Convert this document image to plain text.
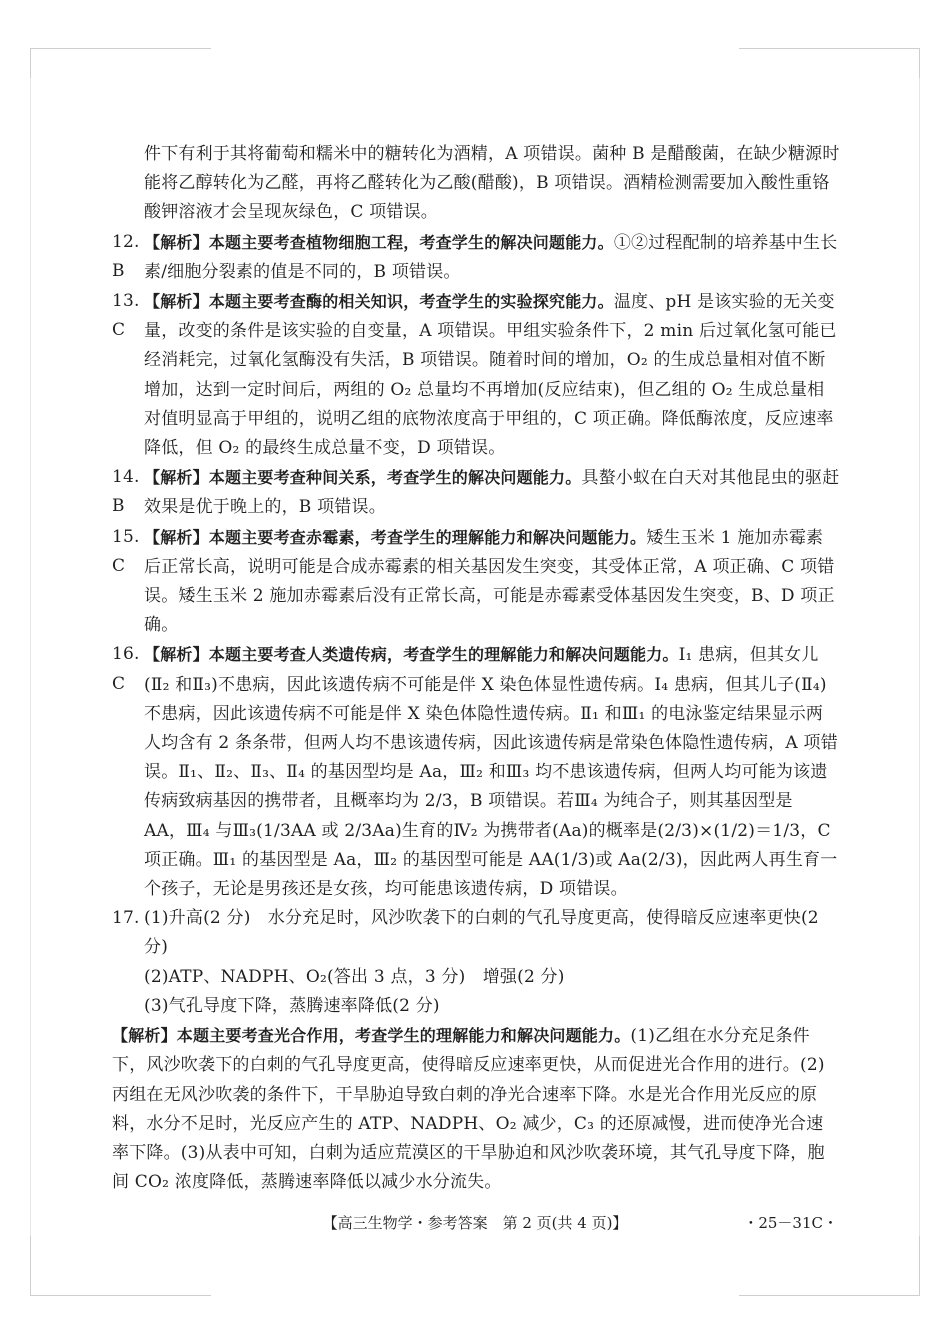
件下有利于其将葡萄和糯米中的糖转化为酒精，A 项错误。菌种 B 是醋酸菌，在缺少糖源时能将乙醇转化为乙醛，再将乙醛转化为乙酸(醋酸)，B 项错误。酒精检测需要加入酸性重铬酸钾溶液才会呈现灰绿色，C 项错误。

12. B
【解析】本题主要考查植物细胞工程，考查学生的解决问题能力。①②过程配制的培养基中生长素/细胞分裂素的值是不同的，B 项错误。
13. C
【解析】本题主要考查酶的相关知识，考查学生的实验探究能力。温度、pH 是该实验的无关变量，改变的条件是该实验的自变量，A 项错误。甲组实验条件下，2 min 后过氧化氢可能已经消耗完，过氧化氢酶没有失活，B 项错误。随着时间的增加，O₂ 的生成总量相对值不断增加，达到一定时间后，两组的 O₂ 总量均不再增加(反应结束)，但乙组的 O₂ 生成总量相对值明显高于甲组的，说明乙组的底物浓度高于甲组的，C 项正确。降低酶浓度，反应速率降低，但 O₂ 的最终生成总量不变，D 项错误。
14. B
【解析】本题主要考查种间关系，考查学生的解决问题能力。具螯小蚁在白天对其他昆虫的驱赶效果是优于晚上的，B 项错误。
15. C
【解析】本题主要考查赤霉素，考查学生的理解能力和解决问题能力。矮生玉米 1 施加赤霉素后正常长高，说明可能是合成赤霉素的相关基因发生突变，其受体正常，A 项正确、C 项错误。矮生玉米 2 施加赤霉素后没有正常长高，可能是赤霉素受体基因发生突变，B、D 项正确。
16. C
【解析】本题主要考查人类遗传病，考查学生的理解能力和解决问题能力。Ⅰ₁ 患病，但其女儿(Ⅱ₂ 和Ⅱ₃)不患病，因此该遗传病不可能是伴 X 染色体显性遗传病。Ⅰ₄ 患病，但其儿子(Ⅱ₄)不患病，因此该遗传病不可能是伴 X 染色体隐性遗传病。Ⅱ₁ 和Ⅲ₁ 的电泳鉴定结果显示两人均含有 2 条条带，但两人均不患该遗传病，因此该遗传病是常染色体隐性遗传病，A 项错误。Ⅱ₁、Ⅱ₂、Ⅱ₃、Ⅱ₄ 的基因型均是 Aa，Ⅲ₂ 和Ⅲ₃ 均不患该遗传病，但两人均可能为该遗传病致病基因的携带者，且概率均为 2/3，B 项错误。若Ⅲ₄ 为纯合子，则其基因型是 AA，Ⅲ₄ 与Ⅲ₃(1/3AA 或 2/3Aa)生育的Ⅳ₂ 为携带者(Aa)的概率是(2/3)×(1/2)＝1/3，C 项正确。Ⅲ₁ 的基因型是 Aa，Ⅲ₂ 的基因型可能是 AA(1/3)或 Aa(2/3)，因此两人再生育一个孩子，无论是男孩还是女孩，均可能患该遗传病，D 项错误。
17. (1)升高(2 分)　水分充足时，风沙吹袭下的白刺的气孔导度更高，使得暗反应速率更快(2 分)
(2)ATP、NADPH、O₂(答出 3 点，3 分)　增强(2 分)
(3)气孔导度下降，蒸腾速率降低(2 分)

【解析】本题主要考查光合作用，考查学生的理解能力和解决问题能力。(1)乙组在水分充足条件下，风沙吹袭下的白刺的气孔导度更高，使得暗反应速率更快，从而促进光合作用的进行。(2)丙组在无风沙吹袭的条件下，干旱胁迫导致白刺的净光合速率下降。水是光合作用光反应的原料，水分不足时，光反应产生的 ATP、NADPH、O₂ 减少，C₃ 的还原减慢，进而使净光合速率下降。(3)从表中可知，白刺为适应荒漠区的干旱胁迫和风沙吹袭环境，其气孔导度下降，胞间 CO₂ 浓度降低，蒸腾速率降低以减少水分流失。

【高三生物学・参考答案　第 2 页(共 4 页)】	・25－31C・
